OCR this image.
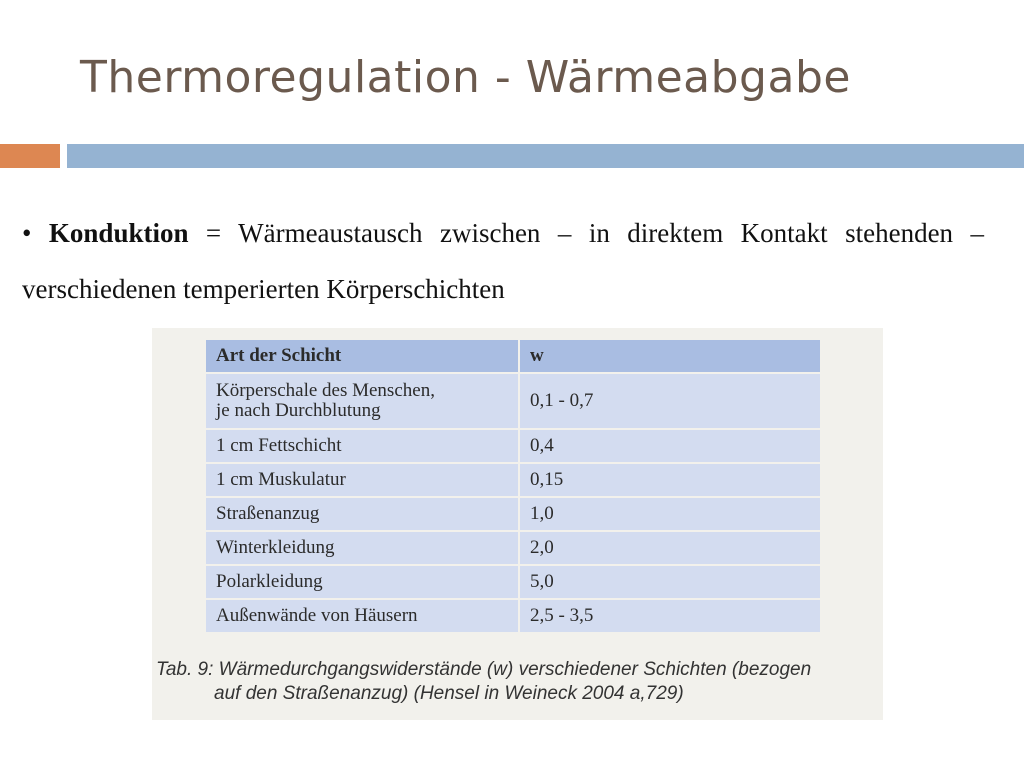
Thermoregulation - Wärmeabgabe
• Konduktion = Wärmeaustausch zwischen – in direktem Kontakt stehenden – verschiedenen temperierten Körperschichten
Art der Schicht	w
Körperschale des Menschen,
je nach Durchblutung	0,1 - 0,7
1 cm Fettschicht	0,4
1 cm Muskulatur	0,15
Straßenanzug	1,0
Winterkleidung	2,0
Polarkleidung	5,0
Außenwände von Häusern	2,5 - 3,5
Tab. 9: Wärmedurchgangswiderstände (w) verschiedener Schichten (bezogen
auf den Straßenanzug) (Hensel in Weineck 2004 a,729)
